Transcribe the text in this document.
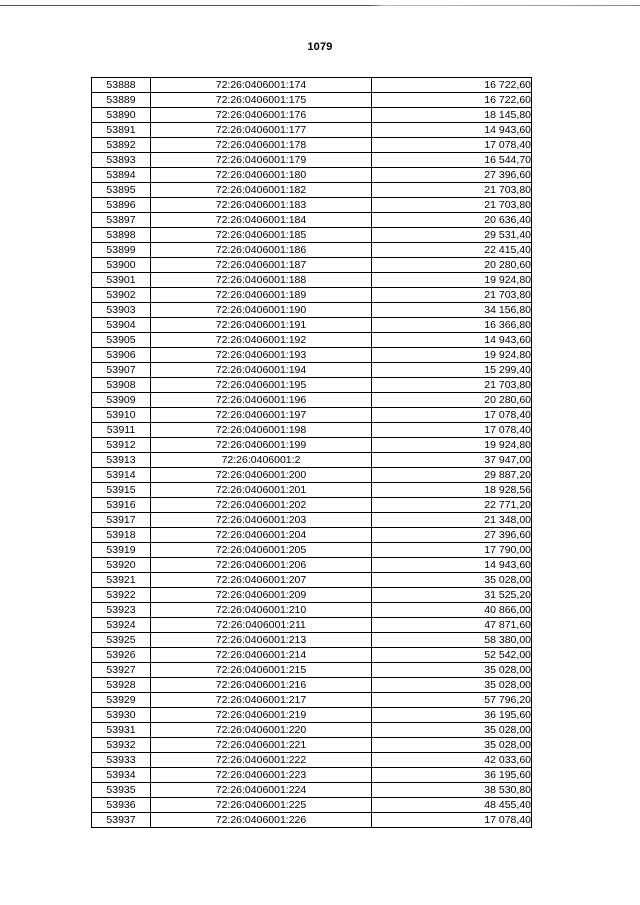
1079
53888	72:26:0406001:174	16 722,60
53889	72:26:0406001:175	16 722,60
53890	72:26:0406001:176	18 145,80
53891	72:26:0406001:177	14 943,60
53892	72:26:0406001:178	17 078,40
53893	72:26:0406001:179	16 544,70
53894	72:26:0406001:180	27 396,60
53895	72:26:0406001:182	21 703,80
53896	72:26:0406001:183	21 703,80
53897	72:26:0406001:184	20 636,40
53898	72:26:0406001:185	29 531,40
53899	72:26:0406001:186	22 415,40
53900	72:26:0406001:187	20 280,60
53901	72:26:0406001:188	19 924,80
53902	72:26:0406001:189	21 703,80
53903	72:26:0406001:190	34 156,80
53904	72:26:0406001:191	16 366,80
53905	72:26:0406001:192	14 943,60
53906	72:26:0406001:193	19 924,80
53907	72:26:0406001:194	15 299,40
53908	72:26:0406001:195	21 703,80
53909	72:26:0406001:196	20 280,60
53910	72:26:0406001:197	17 078,40
53911	72:26:0406001:198	17 078,40
53912	72:26:0406001:199	19 924,80
53913	72:26:0406001:2	37 947,00
53914	72:26:0406001:200	29 887,20
53915	72:26:0406001:201	18 928,56
53916	72:26:0406001:202	22 771,20
53917	72:26:0406001:203	21 348,00
53918	72:26:0406001:204	27 396,60
53919	72:26:0406001:205	17 790,00
53920	72:26:0406001:206	14 943,60
53921	72:26:0406001:207	35 028,00
53922	72:26:0406001:209	31 525,20
53923	72:26:0406001:210	40 866,00
53924	72:26:0406001:211	47 871,60
53925	72:26:0406001:213	58 380,00
53926	72:26:0406001:214	52 542,00
53927	72:26:0406001:215	35 028,00
53928	72:26:0406001:216	35 028,00
53929	72:26:0406001:217	57 796,20
53930	72:26:0406001:219	36 195,60
53931	72:26:0406001:220	35 028,00
53932	72:26:0406001:221	35 028,00
53933	72:26:0406001:222	42 033,60
53934	72:26:0406001:223	36 195,60
53935	72:26:0406001:224	38 530,80
53936	72:26:0406001:225	48 455,40
53937	72:26:0406001:226	17 078,40
